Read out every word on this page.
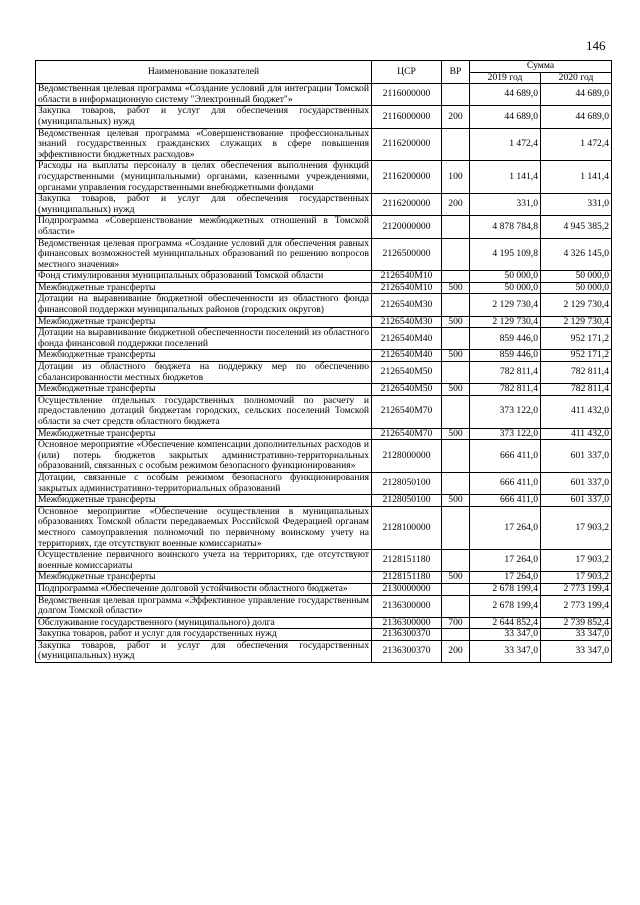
146
Наименование показателей	ЦСР	ВР	Сумма	
			2019 год	2020 год
Ведомственная целевая программа «Создание условий для интеграции Томской области в информационную систему "Электронный бюджет"»	2116000000		44 689,0	44 689,0
Закупка товаров, работ и услуг для обеспечения государственных (муниципальных) нужд	2116000000	200	44 689,0	44 689,0
Ведомственная целевая программа «Совершенствование профессиональных знаний государственных гражданских служащих в сфере повышения эффективности бюджетных расходов»	2116200000		1 472,4	1 472,4
Расходы на выплаты персоналу в целях обеспечения выполнения функций государственными (муниципальными) органами, казенными учреждениями, органами управления государственными внебюджетными фондами	2116200000	100	1 141,4	1 141,4
Закупка товаров, работ и услуг для обеспечения государственных (муниципальных) нужд	2116200000	200	331,0	331,0
Подпрограмма «Совершенствование межбюджетных отношений в Томской области»	2120000000		4 878 784,8	4 945 385,2
Ведомственная целевая программа «Создание условий для обеспечения равных финансовых возможностей муниципальных образований по решению вопросов местного значения»	2126500000		4 195 109,8	4 326 145,0
Фонд стимулирования муниципальных образований Томской области	2126540М10		50 000,0	50 000,0
Межбюджетные трансферты	2126540М10	500	50 000,0	50 000,0
Дотации на выравнивание бюджетной обеспеченности из областного фонда финансовой поддержки муниципальных районов (городских округов)	2126540М30		2 129 730,4	2 129 730,4
Межбюджетные трансферты	2126540М30	500	2 129 730,4	2 129 730,4
Дотации на выравнивание бюджетной обеспеченности поселений из областного фонда финансовой поддержки поселений	2126540М40		859 446,0	952 171,2
Межбюджетные трансферты	2126540М40	500	859 446,0	952 171,2
Дотации из областного бюджета на поддержку мер по обеспечению сбалансированности местных бюджетов	2126540М50		782 811,4	782 811,4
Межбюджетные трансферты	2126540М50	500	782 811,4	782 811,4
Осуществление отдельных государственных полномочий по расчету и предоставлению дотаций бюджетам городских, сельских поселений Томской области за счет средств областного бюджета	2126540М70		373 122,0	411 432,0
Межбюджетные трансферты	2126540М70	500	373 122,0	411 432,0
Основное мероприятие «Обеспечение компенсации дополнительных расходов и (или) потерь бюджетов закрытых административно-территориальных образований, связанных с особым режимом безопасного функционирования»	2128000000		666 411,0	601 337,0
Дотации, связанные с особым режимом безопасного функционирования закрытых административно-территориальных образований	2128050100		666 411,0	601 337,0
Межбюджетные трансферты	2128050100	500	666 411,0	601 337,0
Основное мероприятие «Обеспечение осуществления в муниципальных образованиях Томской области передаваемых Российской Федерацией органам местного самоуправления полномочий по первичному воинскому учету на территориях, где отсутствуют военные комиссариаты»	2128100000		17 264,0	17 903,2
Осуществление первичного воинского учета на территориях, где отсутствуют военные комиссариаты	2128151180		17 264,0	17 903,2
Межбюджетные трансферты	2128151180	500	17 264,0	17 903,2
Подпрограмма «Обеспечение долговой устойчивости областного бюджета»	2130000000		2 678 199,4	2 773 199,4
Ведомственная целевая программа «Эффективное управление государственным долгом Томской области»	2136300000		2 678 199,4	2 773 199,4
Обслуживание государственного (муниципального) долга	2136300000	700	2 644 852,4	2 739 852,4
Закупка товаров, работ и услуг для государственных нужд	2136300370		33 347,0	33 347,0
Закупка товаров, работ и услуг для обеспечения государственных (муниципальных) нужд	2136300370	200	33 347,0	33 347,0
